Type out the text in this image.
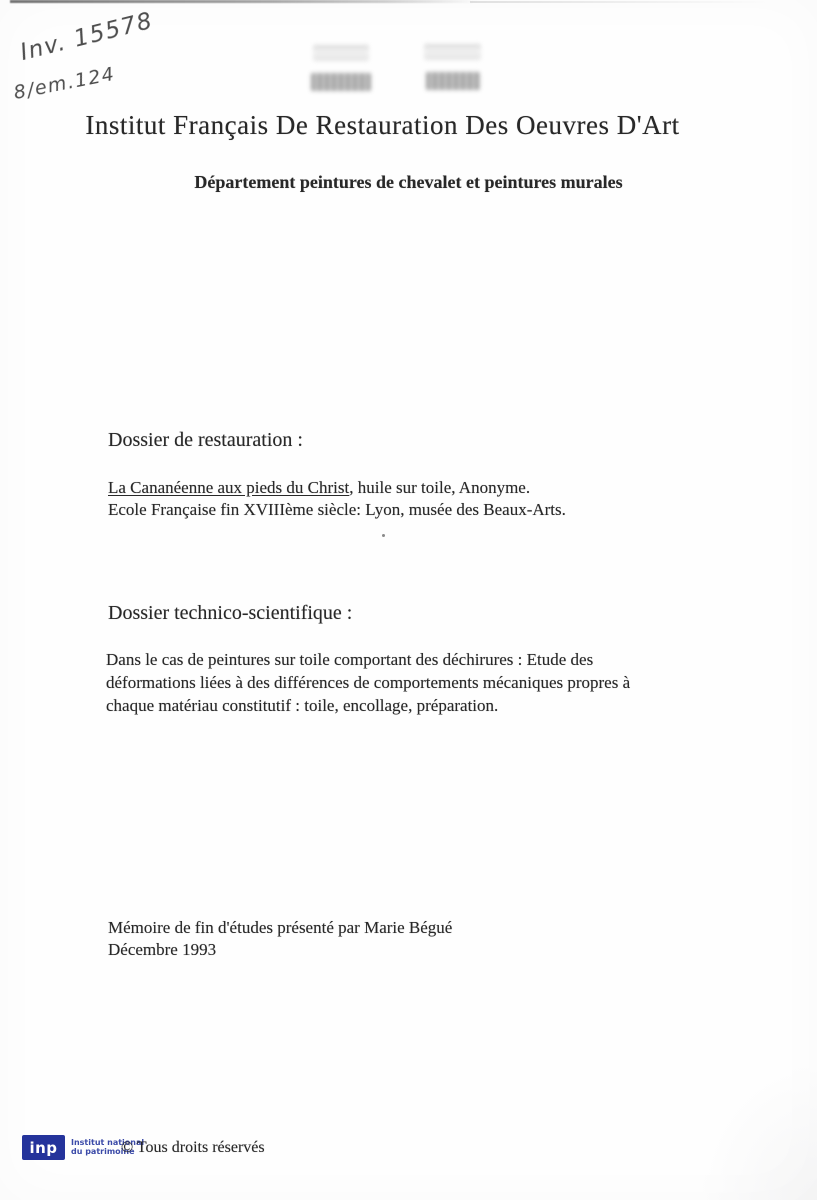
Inv. 15578
8/em.124
Institut Français De Restauration Des Oeuvres D'Art
Département peintures de chevalet et peintures murales
Dossier de restauration :
La Cananéenne aux pieds du Christ, huile sur toile, Anonyme.
Ecole Française fin XVIIIème siècle: Lyon, musée des Beaux-Arts.
Dossier technico-scientifique :
Dans le cas de peintures sur toile comportant des déchirures : Etude des déformations liées à des différences de comportements mécaniques propres à chaque matériau constitutif : toile, encollage, préparation.
Mémoire de fin d'études présenté par Marie Bégué
Décembre 1993
inp Institut national
du patrimoine
© Tous droits réservés
